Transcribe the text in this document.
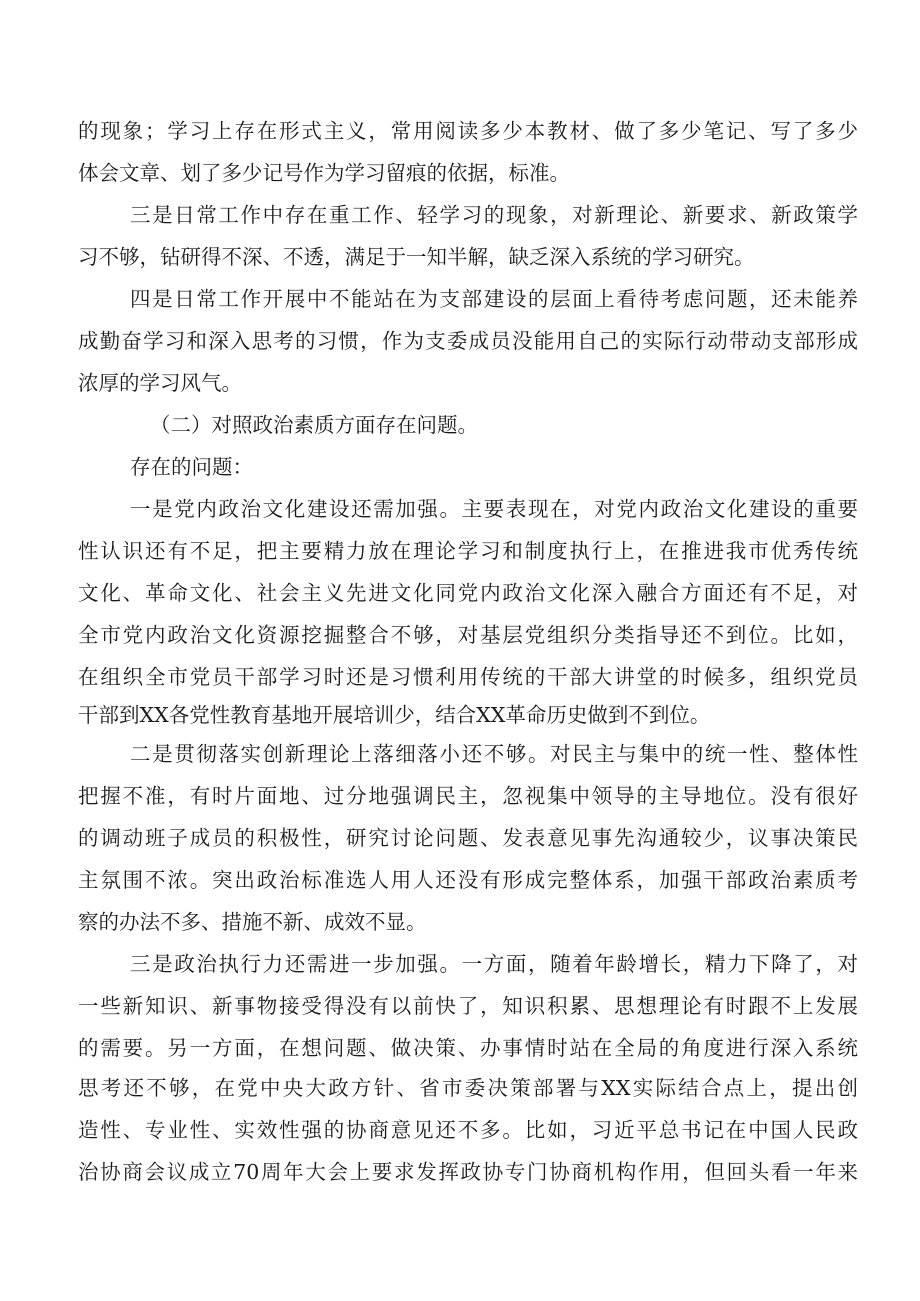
的现象；学习上存在形式主义，常用阅读多少本教材、做了多少笔记、写了多少
体会文章、划了多少记号作为学习留痕的依据，标准。
三是日常工作中存在重工作、轻学习的现象，对新理论、新要求、新政策学
习不够，钻研得不深、不透，满足于一知半解，缺乏深入系统的学习研究。
四是日常工作开展中不能站在为支部建设的层面上看待考虑问题，还未能养
成勤奋学习和深入思考的习惯，作为支委成员没能用自己的实际行动带动支部形成
浓厚的学习风气。
（二）对照政治素质方面存在问题。
存在的问题：
一是党内政治文化建设还需加强。主要表现在，对党内政治文化建设的重要
性认识还有不足，把主要精力放在理论学习和制度执行上，在推进我市优秀传统
文化、革命文化、社会主义先进文化同党内政治文化深入融合方面还有不足，对
全市党内政治文化资源挖掘整合不够，对基层党组织分类指导还不到位。比如，
在组织全市党员干部学习时还是习惯利用传统的干部大讲堂的时候多，组织党员
干部到XX各党性教育基地开展培训少，结合XX革命历史做到不到位。
二是贯彻落实创新理论上落细落小还不够。对民主与集中的统一性、整体性
把握不准，有时片面地、过分地强调民主，忽视集中领导的主导地位。没有很好
的调动班子成员的积极性，研究讨论问题、发表意见事先沟通较少，议事决策民
主氛围不浓。突出政治标准选人用人还没有形成完整体系，加强干部政治素质考
察的办法不多、措施不新、成效不显。
三是政治执行力还需进一步加强。一方面，随着年龄增长，精力下降了，对
一些新知识、新事物接受得没有以前快了，知识积累、思想理论有时跟不上发展
的需要。另一方面，在想问题、做决策、办事情时站在全局的角度进行深入系统
思考还不够，在党中央大政方针、省市委决策部署与XX实际结合点上，提出创
造性、专业性、实效性强的协商意见还不多。比如，习近平总书记在中国人民政
治协商会议成立70周年大会上要求发挥政协专门协商机构作用，但回头看一年来
